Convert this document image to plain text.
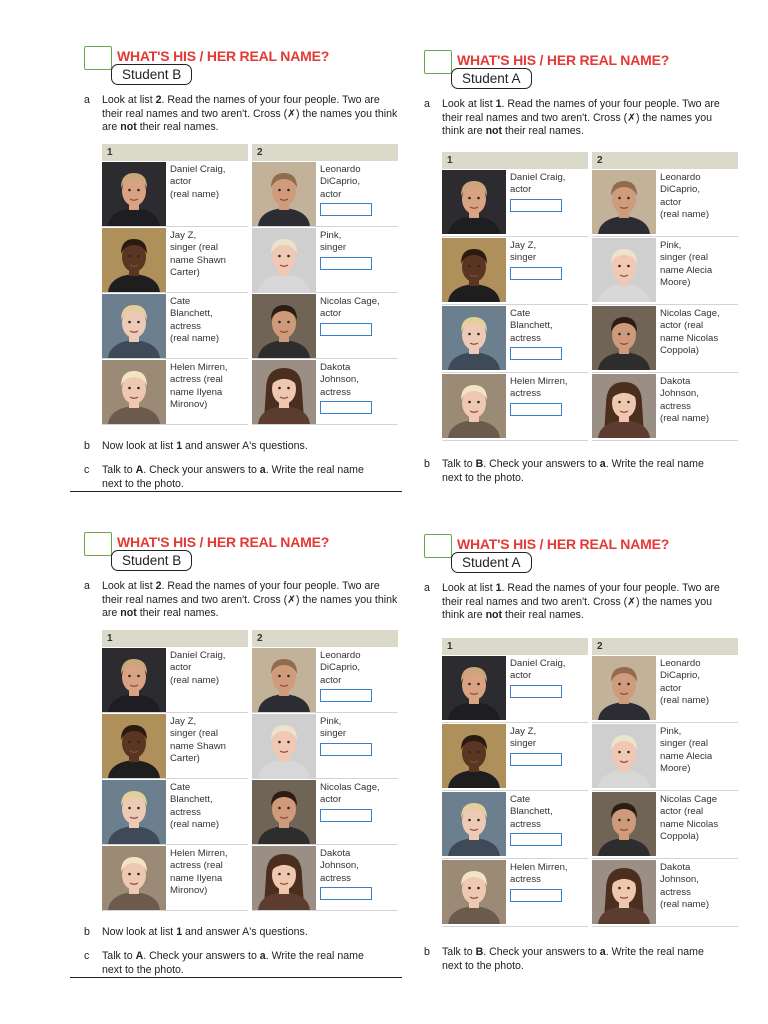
WHAT'S HIS / HER REAL NAME?
Student B
a Look at list 2. Read the names of your four people. Two are their real names and two aren't. Cross (✗) the names you think are not their real names.
1
Daniel Craig,
actor
(real name)
Jay Z,
singer (real
name Shawn
Carter)
Cate
Blanchett,
actress
(real name)
Helen Mirren,
actress (real
name Ilyena
Mironov)
2
Leonardo
DiCaprio,
actor
Pink,
singer
Nicolas Cage,
actor
Dakota
Johnson,
actress
b Now look at list 1 and answer A's questions.
c Talk to A. Check your answers to a. Write the real name next to the photo.
WHAT'S HIS / HER REAL NAME?
Student A
a Look at list 1. Read the names of your four people. Two are their real names and two aren't. Cross (✗) the names you think are not their real names.
1
Daniel Craig,
actor
Jay Z,
singer
Cate
Blanchett,
actress
Helen Mirren,
actress
2
Leonardo
DiCaprio,
actor
(real name)
Pink,
singer (real
name Alecia
Moore)
Nicolas Cage,
actor (real
name Nicolas
Coppola)
Dakota
Johnson,
actress
(real name)
b Talk to B. Check your answers to a. Write the real name next to the photo.
WHAT'S HIS / HER REAL NAME?
Student B
a Look at list 2. Read the names of your four people. Two are their real names and two aren't. Cross (✗) the names you think are not their real names.
1
Daniel Craig,
actor
(real name)
Jay Z,
singer (real
name Shawn
Carter)
Cate
Blanchett,
actress
(real name)
Helen Mirren,
actress (real
name Ilyena
Mironov)
2
Leonardo
DiCaprio,
actor
Pink,
singer
Nicolas Cage,
actor
Dakota
Johnson,
actress
b Now look at list 1 and answer A's questions.
c Talk to A. Check your answers to a. Write the real name next to the photo.
WHAT'S HIS / HER REAL NAME?
Student A
a Look at list 1. Read the names of your four people. Two are their real names and two aren't. Cross (✗) the names you think are not their real names.
1
Daniel Craig,
actor
Jay Z,
singer
Cate
Blanchett,
actress
Helen Mirren,
actress
2
Leonardo
DiCaprio,
actor
(real name)
Pink,
singer (real
name Alecia
Moore)
Nicolas Cage
actor (real
name Nicolas
Coppola)
Dakota
Johnson,
actress
(real name)
b Talk to B. Check your answers to a. Write the real name next to the photo.
